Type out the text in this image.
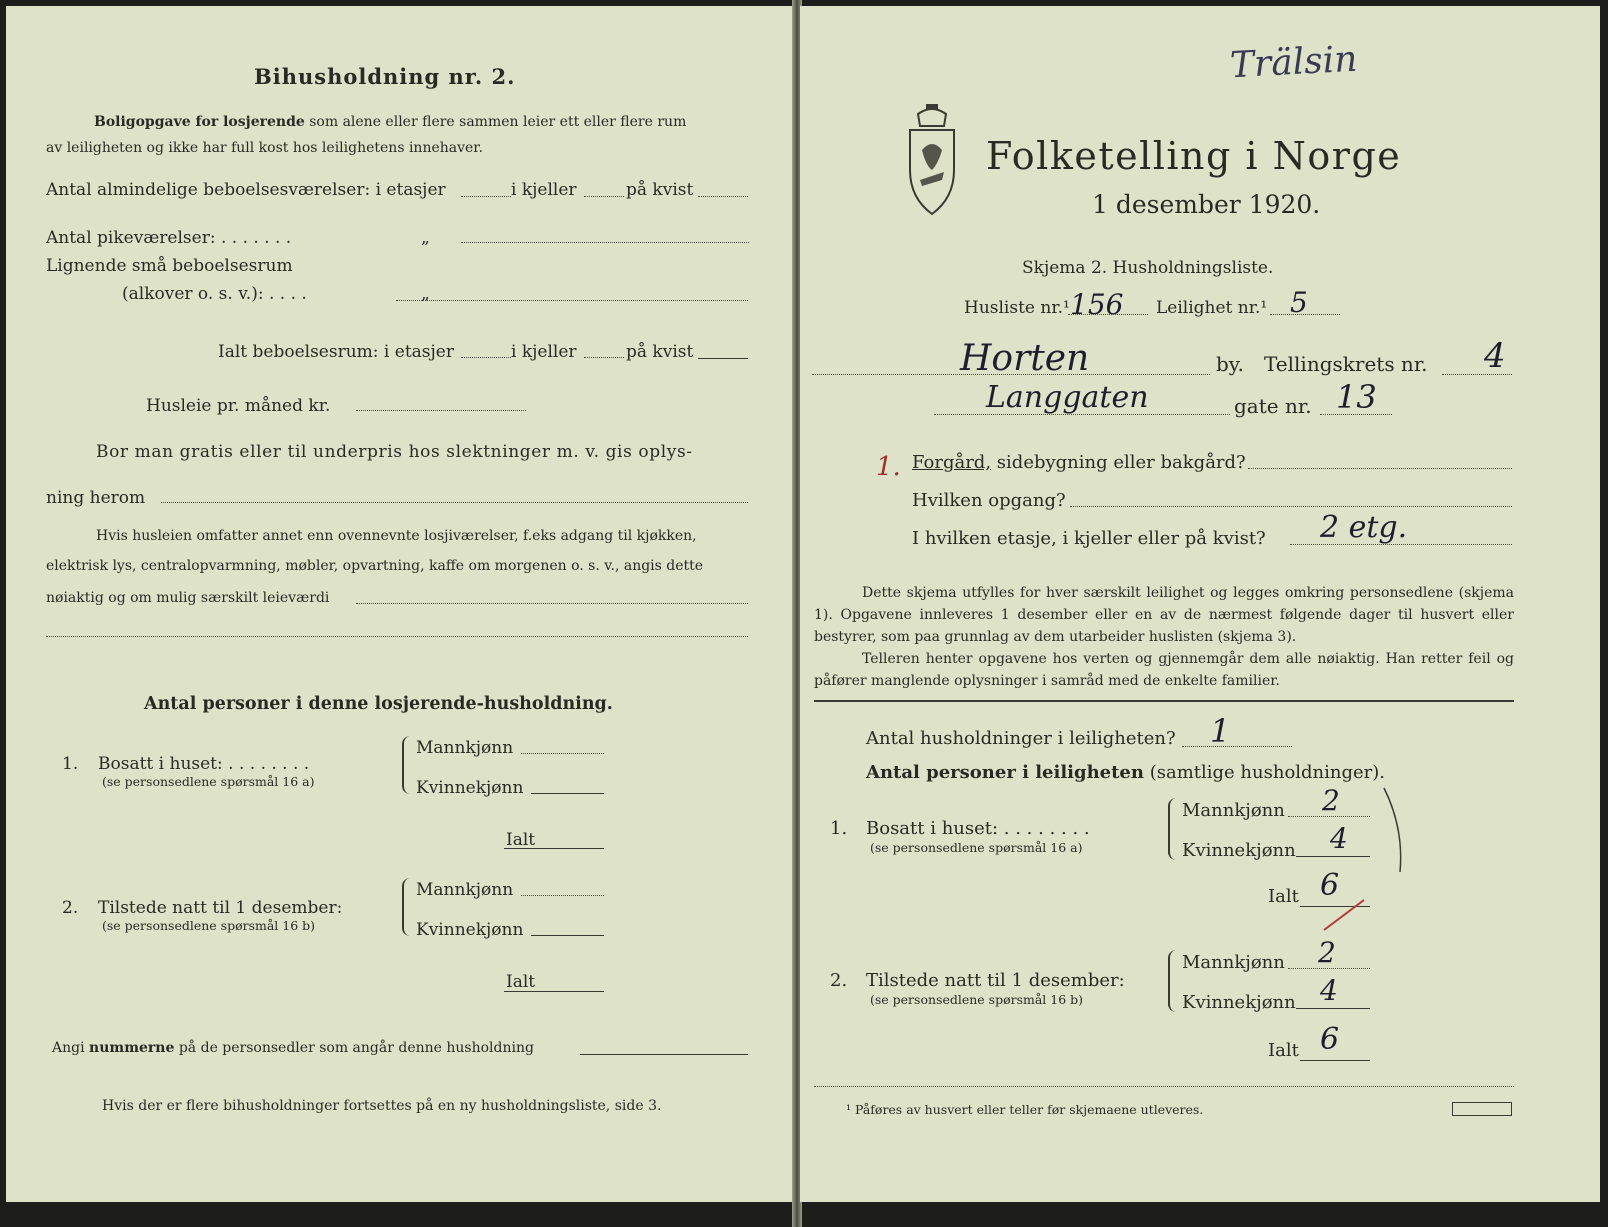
Bihusholdning nr. 2.
Boligopgave for losjerende som alene eller flere sammen leier ett eller flere rum
av leiligheten og ikke har full kost hos leilighetens innehaver.
Antal almindelige beboelsesværelser: i etasjer	i kjeller	på kvist
Antal pikeværelser: . . . . . . .	„
Lignende små beboelsesrum
(alkover o. s. v.): . . . .	„
Ialt beboelsesrum: i etasjer	i kjeller	på kvist
Husleie pr. måned kr.
Bor man gratis eller til underpris hos slektninger m. v. gis oplys-
ning herom
Hvis husleien omfatter annet enn ovennevnte losjiværelser, f.eks adgang til kjøkken,
elektrisk lys, centralopvarmning, møbler, opvartning, kaffe om morgenen o. s. v., angis dette
nøiaktig og om mulig særskilt leieværdi
Antal personer i denne losjerende-husholdning.
1. Bosatt i huset: . . . . . . . .
(se personsedlene spørsmål 16 a)
Mannkjønn
Kvinnekjønn
Ialt
2. Tilstede natt til 1 desember:
(se personsedlene spørsmål 16 b)
Mannkjønn
Kvinnekjønn
Ialt
Angi nummerne på de personsedler som angår denne husholdning
Hvis der er flere bihusholdninger fortsettes på en ny husholdningsliste, side 3.
Trälsin
Folketelling i Norge
1 desember 1920.
Skjema 2. Husholdningsliste.
Husliste nr.¹ 156 Leilighet nr.¹ 5
Horten	by. Tellingskrets nr. 4
Langgaten	gate nr. 13
1. Forgård, sidebygning eller bakgård?
Hvilken opgang?
I hvilken etasje, i kjeller eller på kvist? 2 etg.
Dette skjema utfylles for hver særskilt leilighet og legges omkring personsedlene (skjema 1). Opgavene innleveres 1 desember eller en av de nærmest følgende dager til husvert eller bestyrer, som paa grunnlag av dem utarbeider huslisten (skjema 3).
Telleren henter opgavene hos verten og gjennemgår dem alle nøiaktig. Han retter feil og påfører manglende oplysninger i samråd med de enkelte familier.
Antal husholdninger i leiligheten? 1
Antal personer i leiligheten (samtlige husholdninger).
1. Bosatt i huset: . . . . . . . .
(se personsedlene spørsmål 16 a)
Mannkjønn 2
Kvinnekjønn 4
Ialt 6
2. Tilstede natt til 1 desember:
(se personsedlene spørsmål 16 b)
Mannkjønn 2
Kvinnekjønn 4
Ialt 6
¹ Påføres av husvert eller teller før skjemaene utleveres.
